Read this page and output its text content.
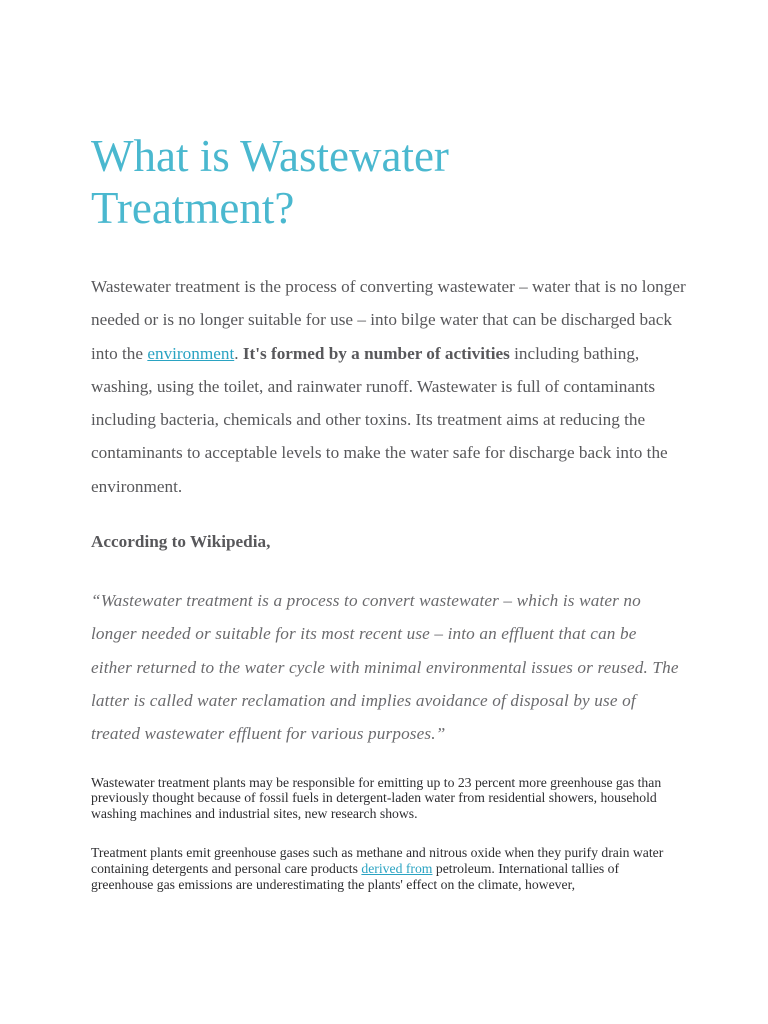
What is Wastewater Treatment?

Wastewater treatment is the process of converting wastewater – water that is no longer needed or is no longer suitable for use – into bilge water that can be discharged back into the environment. It's formed by a number of activities including bathing, washing, using the toilet, and rainwater runoff. Wastewater is full of contaminants including bacteria, chemicals and other toxins. Its treatment aims at reducing the contaminants to acceptable levels to make the water safe for discharge back into the environment.

According to Wikipedia,

“Wastewater treatment is a process to convert wastewater – which is water no longer needed or suitable for its most recent use – into an effluent that can be either returned to the water cycle with minimal environmental issues or reused. The latter is called water reclamation and implies avoidance of disposal by use of treated wastewater effluent for various purposes.”

Wastewater treatment plants may be responsible for emitting up to 23 percent more greenhouse gas than previously thought because of fossil fuels in detergent-laden water from residential showers, household washing machines and industrial sites, new research shows.

Treatment plants emit greenhouse gases such as methane and nitrous oxide when they purify drain water containing detergents and personal care products derived from petroleum. International tallies of greenhouse gas emissions are underestimating the plants' effect on the climate, however,
